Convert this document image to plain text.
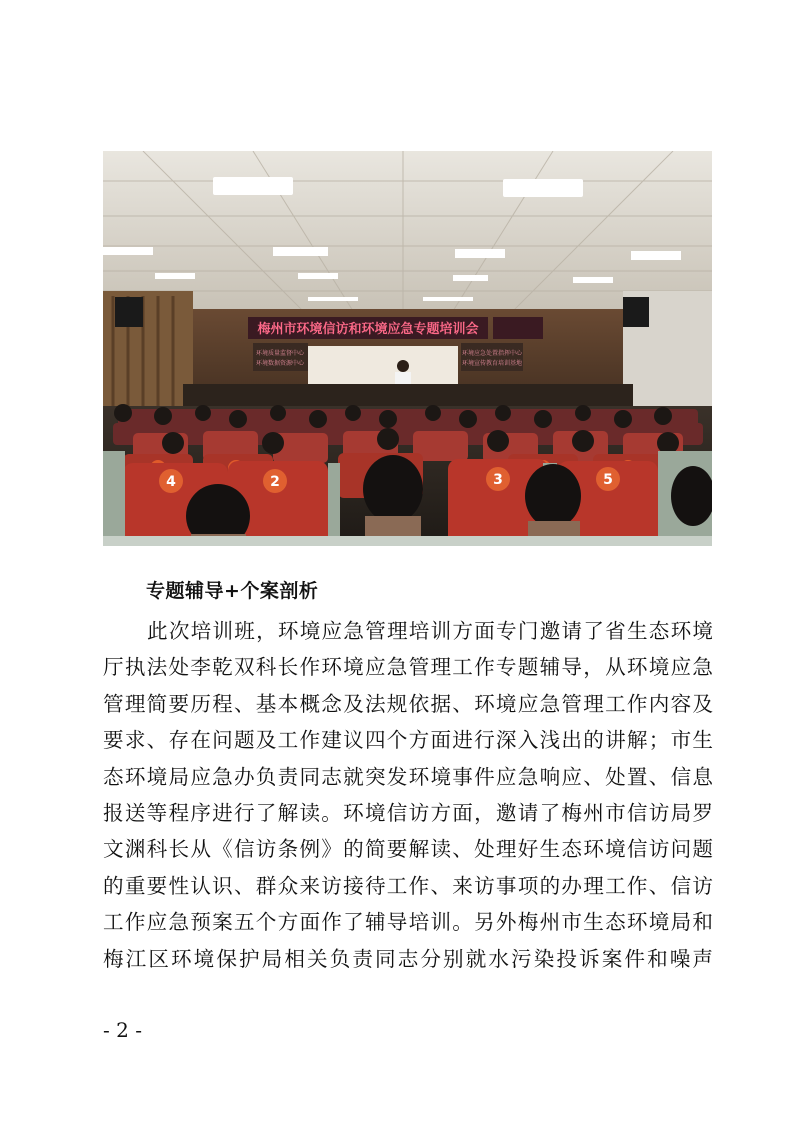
梅州市环境信访和环境应急专题培训会
环境质量监督中心
环境数据资源中心
环境应急处置指挥中心
环境宣传教育培训基地
4	2	3	5
专题辅导+个案剖析
此次培训班，环境应急管理培训方面专门邀请了省生态环境
厅执法处李乾双科长作环境应急管理工作专题辅导，从环境应急
管理简要历程、基本概念及法规依据、环境应急管理工作内容及
要求、存在问题及工作建议四个方面进行深入浅出的讲解；市生
态环境局应急办负责同志就突发环境事件应急响应、处置、信息
报送等程序进行了解读。环境信访方面，邀请了梅州市信访局罗
文渊科长从《信访条例》的简要解读、处理好生态环境信访问题
的重要性认识、群众来访接待工作、来访事项的办理工作、信访
工作应急预案五个方面作了辅导培训。另外梅州市生态环境局和
梅江区环境保护局相关负责同志分别就水污染投诉案件和噪声
- 2 -
